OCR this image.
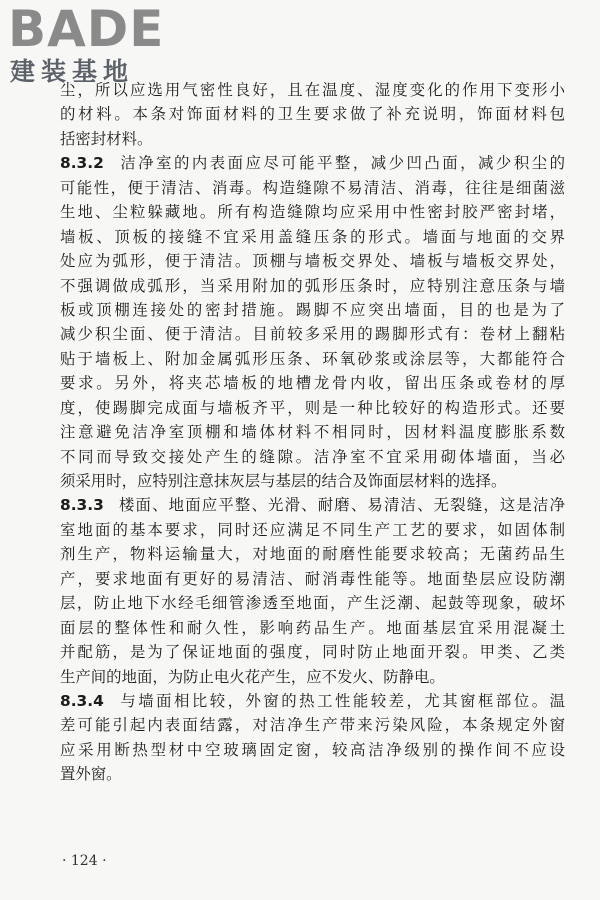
BADE
建装基地
尘，所以应选用气密性良好，且在温度、湿度变化的作用下变形小
的材料。本条对饰面材料的卫生要求做了补充说明，饰面材料包
括密封材料。
8.3.2 洁净室的内表面应尽可能平整，减少凹凸面，减少积尘的
可能性，便于清洁、消毒。构造缝隙不易清洁、消毒，往往是细菌滋
生地、尘粒躲藏地。所有构造缝隙均应采用中性密封胶严密封堵，
墙板、顶板的接缝不宜采用盖缝压条的形式。墙面与地面的交界
处应为弧形，便于清洁。顶棚与墙板交界处、墙板与墙板交界处，
不强调做成弧形，当采用附加的弧形压条时，应特别注意压条与墙
板或顶棚连接处的密封措施。踢脚不应突出墙面，目的也是为了
减少积尘面、便于清洁。目前较多采用的踢脚形式有：卷材上翻粘
贴于墙板上、附加金属弧形压条、环氧砂浆或涂层等，大都能符合
要求。另外，将夹芯墙板的地槽龙骨内收，留出压条或卷材的厚
度，使踢脚完成面与墙板齐平，则是一种比较好的构造形式。还要
注意避免洁净室顶棚和墙体材料不相同时，因材料温度膨胀系数
不同而导致交接处产生的缝隙。洁净室不宜采用砌体墙面，当必
须采用时，应特别注意抹灰层与基层的结合及饰面层材料的选择。
8.3.3 楼面、地面应平整、光滑、耐磨、易清洁、无裂缝，这是洁净
室地面的基本要求，同时还应满足不同生产工艺的要求，如固体制
剂生产，物料运输量大，对地面的耐磨性能要求较高；无菌药品生
产，要求地面有更好的易清洁、耐消毒性能等。地面垫层应设防潮
层，防止地下水经毛细管渗透至地面，产生泛潮、起鼓等现象，破坏
面层的整体性和耐久性，影响药品生产。地面基层宜采用混凝土
并配筋，是为了保证地面的强度，同时防止地面开裂。甲类、乙类
生产间的地面，为防止电火花产生，应不发火、防静电。
8.3.4 与墙面相比较，外窗的热工性能较差，尤其窗框部位。温
差可能引起内表面结露，对洁净生产带来污染风险，本条规定外窗
应采用断热型材中空玻璃固定窗，较高洁净级别的操作间不应设
置外窗。
· 124 ·
